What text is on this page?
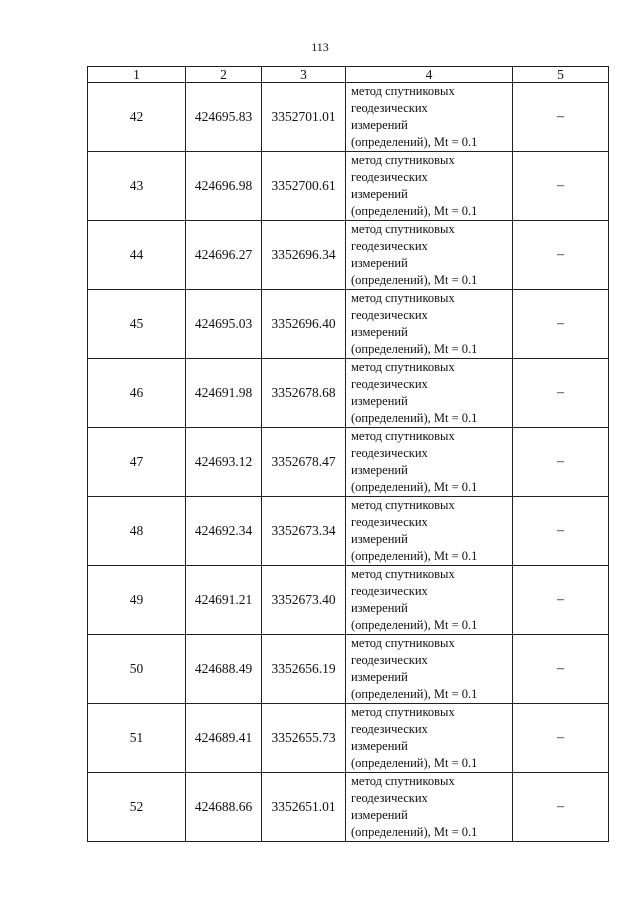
113
1	2	3	4	5
42	424695.83	3352701.01	метод спутниковых
геодезических
измерений
(определений), Mt = 0.1	–
43	424696.98	3352700.61	метод спутниковых
геодезических
измерений
(определений), Mt = 0.1	–
44	424696.27	3352696.34	метод спутниковых
геодезических
измерений
(определений), Mt = 0.1	–
45	424695.03	3352696.40	метод спутниковых
геодезических
измерений
(определений), Mt = 0.1	–
46	424691.98	3352678.68	метод спутниковых
геодезических
измерений
(определений), Mt = 0.1	–
47	424693.12	3352678.47	метод спутниковых
геодезических
измерений
(определений), Mt = 0.1	–
48	424692.34	3352673.34	метод спутниковых
геодезических
измерений
(определений), Mt = 0.1	–
49	424691.21	3352673.40	метод спутниковых
геодезических
измерений
(определений), Mt = 0.1	–
50	424688.49	3352656.19	метод спутниковых
геодезических
измерений
(определений), Mt = 0.1	–
51	424689.41	3352655.73	метод спутниковых
геодезических
измерений
(определений), Mt = 0.1	–
52	424688.66	3352651.01	метод спутниковых
геодезических
измерений
(определений), Mt = 0.1	–
